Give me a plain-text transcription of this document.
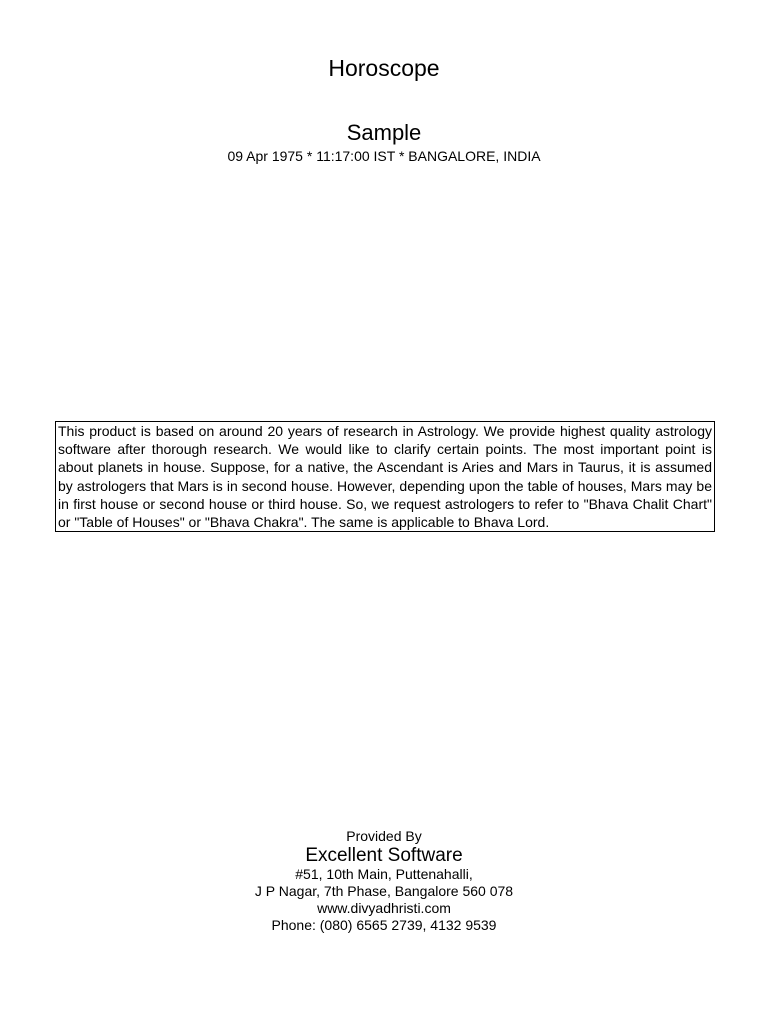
Horoscope
Sample
09 Apr 1975 * 11:17:00 IST * BANGALORE, INDIA
This product is based on around 20 years of research in Astrology. We provide highest quality astrology software after thorough research. We would like to clarify certain points. The most important point is about planets in house. Suppose, for a native, the Ascendant is Aries and Mars in Taurus, it is assumed by astrologers that Mars is in second house. However, depending upon the table of houses, Mars may be in first house or second house or third house. So, we request astrologers to refer to "Bhava Chalit Chart" or "Table of Houses" or "Bhava Chakra". The same is applicable to Bhava Lord.
Provided By
Excellent Software
#51, 10th Main, Puttenahalli,
J P Nagar, 7th Phase, Bangalore 560 078
www.divyadhristi.com
Phone: (080) 6565 2739, 4132 9539
